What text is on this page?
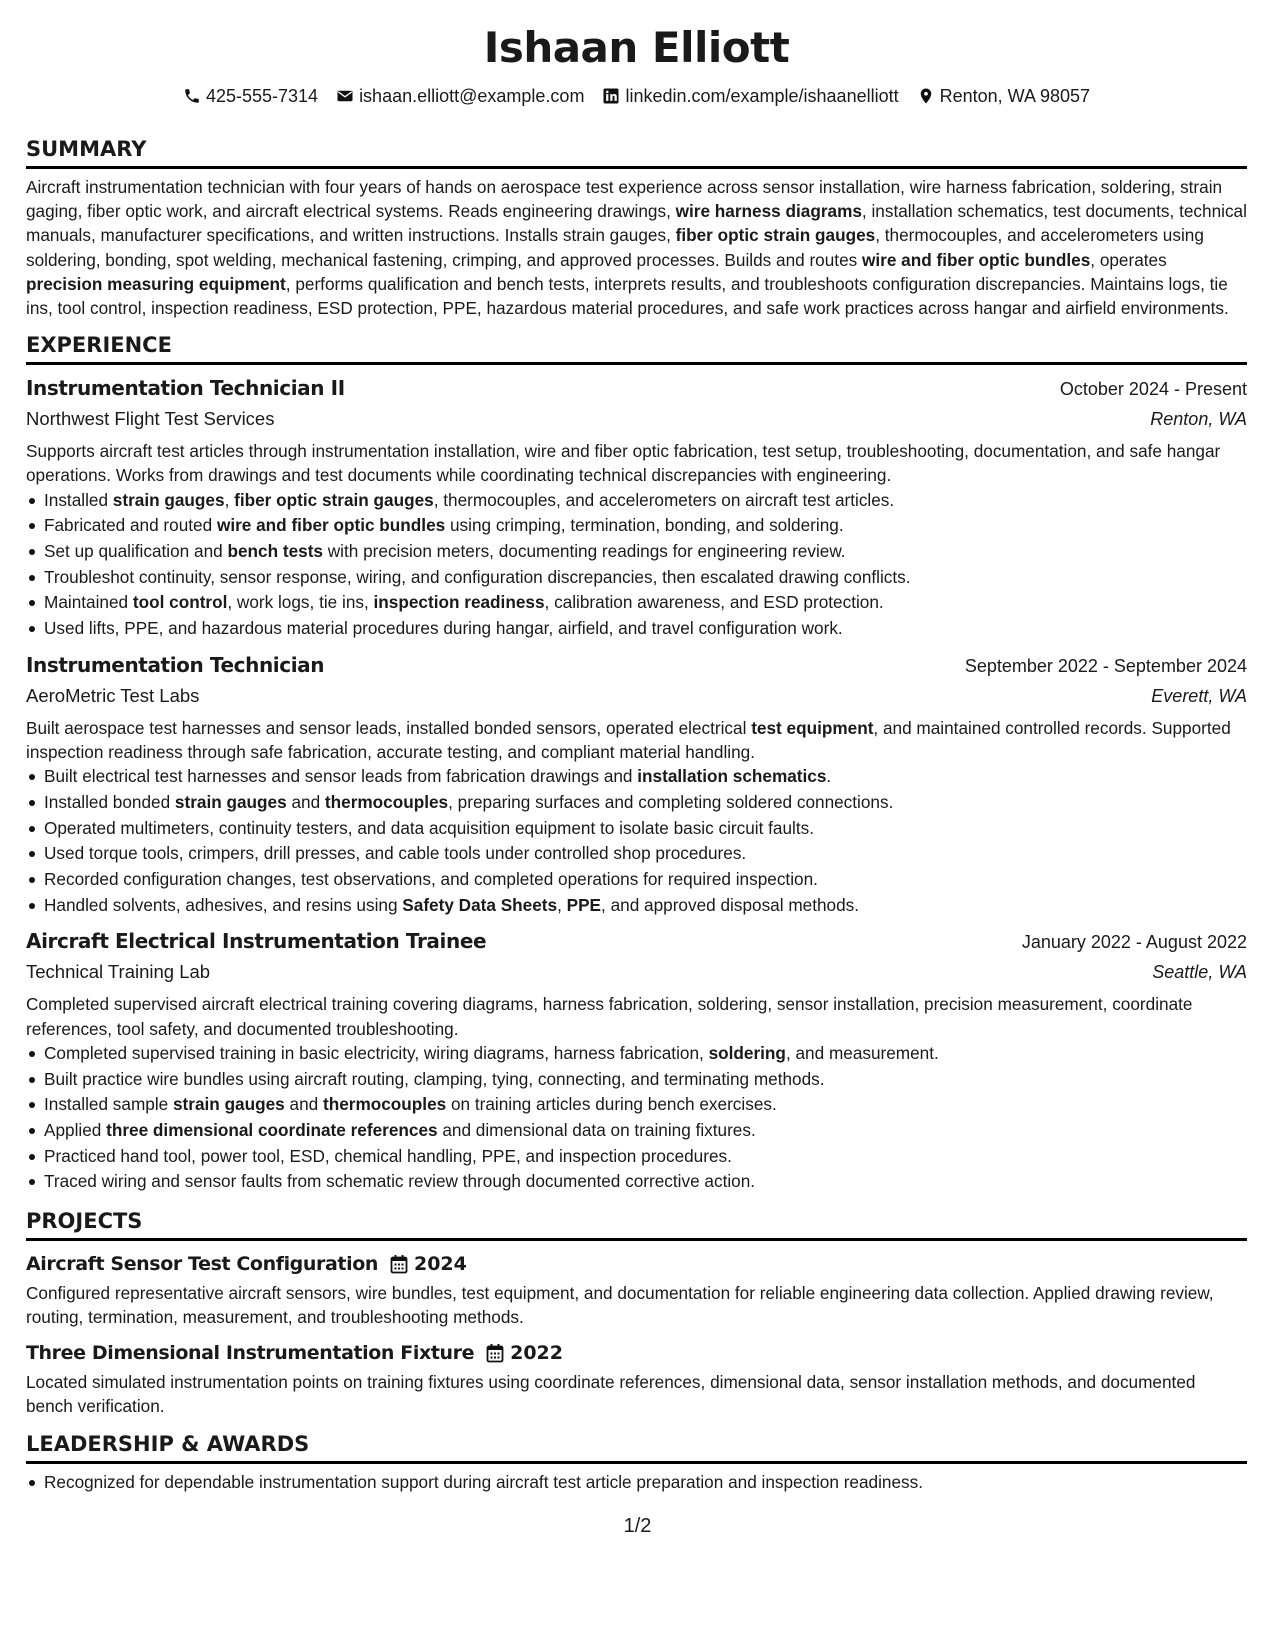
Ishaan Elliott
425-555-7314 ishaan.elliott@example.com linkedin.com/example/ishaanelliott Renton, WA 98057
SUMMARY

Aircraft instrumentation technician with four years of hands on aerospace test experience across sensor installation, wire harness fabrication, soldering, strain gaging, fiber optic work, and aircraft electrical systems. Reads engineering drawings, wire harness diagrams, installation schematics, test documents, technical manuals, manufacturer specifications, and written instructions. Installs strain gauges, fiber optic strain gauges, thermocouples, and accelerometers using soldering, bonding, spot welding, mechanical fastening, crimping, and approved processes. Builds and routes wire and fiber optic bundles, operates precision measuring equipment, performs qualification and bench tests, interprets results, and troubleshoots configuration discrepancies. Maintains logs, tie ins, tool control, inspection readiness, ESD protection, PPE, hazardous material procedures, and safe work practices across hangar and airfield environments.

EXPERIENCE
Instrumentation Technician II	October 2024 - Present
Northwest Flight Test Services	Renton, WA

Supports aircraft test articles through instrumentation installation, wire and fiber optic fabrication, test setup, troubleshooting, documentation, and safe hangar operations. Works from drawings and test documents while coordinating technical discrepancies with engineering.

Installed strain gauges, fiber optic strain gauges, thermocouples, and accelerometers on aircraft test articles.
Fabricated and routed wire and fiber optic bundles using crimping, termination, bonding, and soldering.
Set up qualification and bench tests with precision meters, documenting readings for engineering review.
Troubleshot continuity, sensor response, wiring, and configuration discrepancies, then escalated drawing conflicts.
Maintained tool control, work logs, tie ins, inspection readiness, calibration awareness, and ESD protection.
Used lifts, PPE, and hazardous material procedures during hangar, airfield, and travel configuration work.
Instrumentation Technician	September 2022 - September 2024
AeroMetric Test Labs	Everett, WA

Built aerospace test harnesses and sensor leads, installed bonded sensors, operated electrical test equipment, and maintained controlled records. Supported inspection readiness through safe fabrication, accurate testing, and compliant material handling.

Built electrical test harnesses and sensor leads from fabrication drawings and installation schematics.
Installed bonded strain gauges and thermocouples, preparing surfaces and completing soldered connections.
Operated multimeters, continuity testers, and data acquisition equipment to isolate basic circuit faults.
Used torque tools, crimpers, drill presses, and cable tools under controlled shop procedures.
Recorded configuration changes, test observations, and completed operations for required inspection.
Handled solvents, adhesives, and resins using Safety Data Sheets, PPE, and approved disposal methods.
Aircraft Electrical Instrumentation Trainee	January 2022 - August 2022
Technical Training Lab	Seattle, WA

Completed supervised aircraft electrical training covering diagrams, harness fabrication, soldering, sensor installation, precision measurement, coordinate references, tool safety, and documented troubleshooting.

Completed supervised training in basic electricity, wiring diagrams, harness fabrication, soldering, and measurement.
Built practice wire bundles using aircraft routing, clamping, tying, connecting, and terminating methods.
Installed sample strain gauges and thermocouples on training articles during bench exercises.
Applied three dimensional coordinate references and dimensional data on training fixtures.
Practiced hand tool, power tool, ESD, chemical handling, PPE, and inspection procedures.
Traced wiring and sensor faults from schematic review through documented corrective action.
PROJECTS
Aircraft Sensor Test Configuration 2024

Configured representative aircraft sensors, wire bundles, test equipment, and documentation for reliable engineering data collection. Applied drawing review, routing, termination, measurement, and troubleshooting methods.

Three Dimensional Instrumentation Fixture 2022

Located simulated instrumentation points on training fixtures using coordinate references, dimensional data, sensor installation methods, and documented bench verification.

LEADERSHIP & AWARDS
Recognized for dependable instrumentation support during aircraft test article preparation and inspection readiness.
1/2
